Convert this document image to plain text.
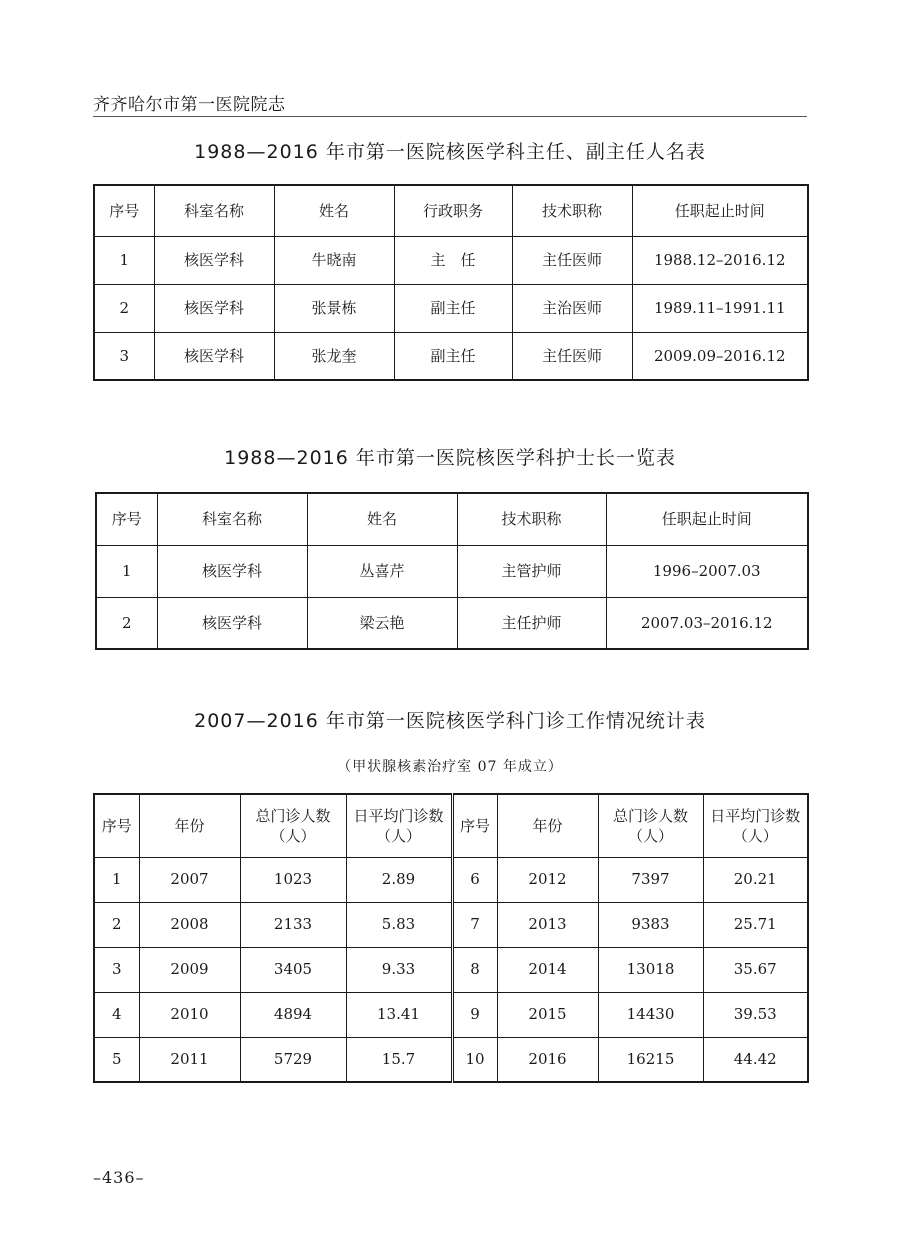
齐齐哈尔市第一医院院志
1988—2016 年市第一医院核医学科主任、副主任人名表
序号	科室名称	姓名	行政职务	技术职称	任职起止时间
1	核医学科	牛晓南	主　任	主任医师	1988.12–2016.12
2	核医学科	张景栋	副主任	主治医师	1989.11–1991.11
3	核医学科	张龙奎	副主任	主任医师	2009.09–2016.12
1988—2016 年市第一医院核医学科护士长一览表
序号	科室名称	姓名	技术职称	任职起止时间
1	核医学科	丛喜芹	主管护师	1996–2007.03
2	核医学科	梁云艳	主任护师	2007.03–2016.12
2007—2016 年市第一医院核医学科门诊工作情况统计表
（甲状腺核素治疗室 07 年成立）
序号	年份	总门诊人数（人）	日平均门诊数（人）	序号	年份	总门诊人数（人）	日平均门诊数（人）
1	2007	1023	2.89	6	2012	7397	20.21
2	2008	2133	5.83	7	2013	9383	25.71
3	2009	3405	9.33	8	2014	13018	35.67
4	2010	4894	13.41	9	2015	14430	39.53
5	2011	5729	15.7	10	2016	16215	44.42
–436–
